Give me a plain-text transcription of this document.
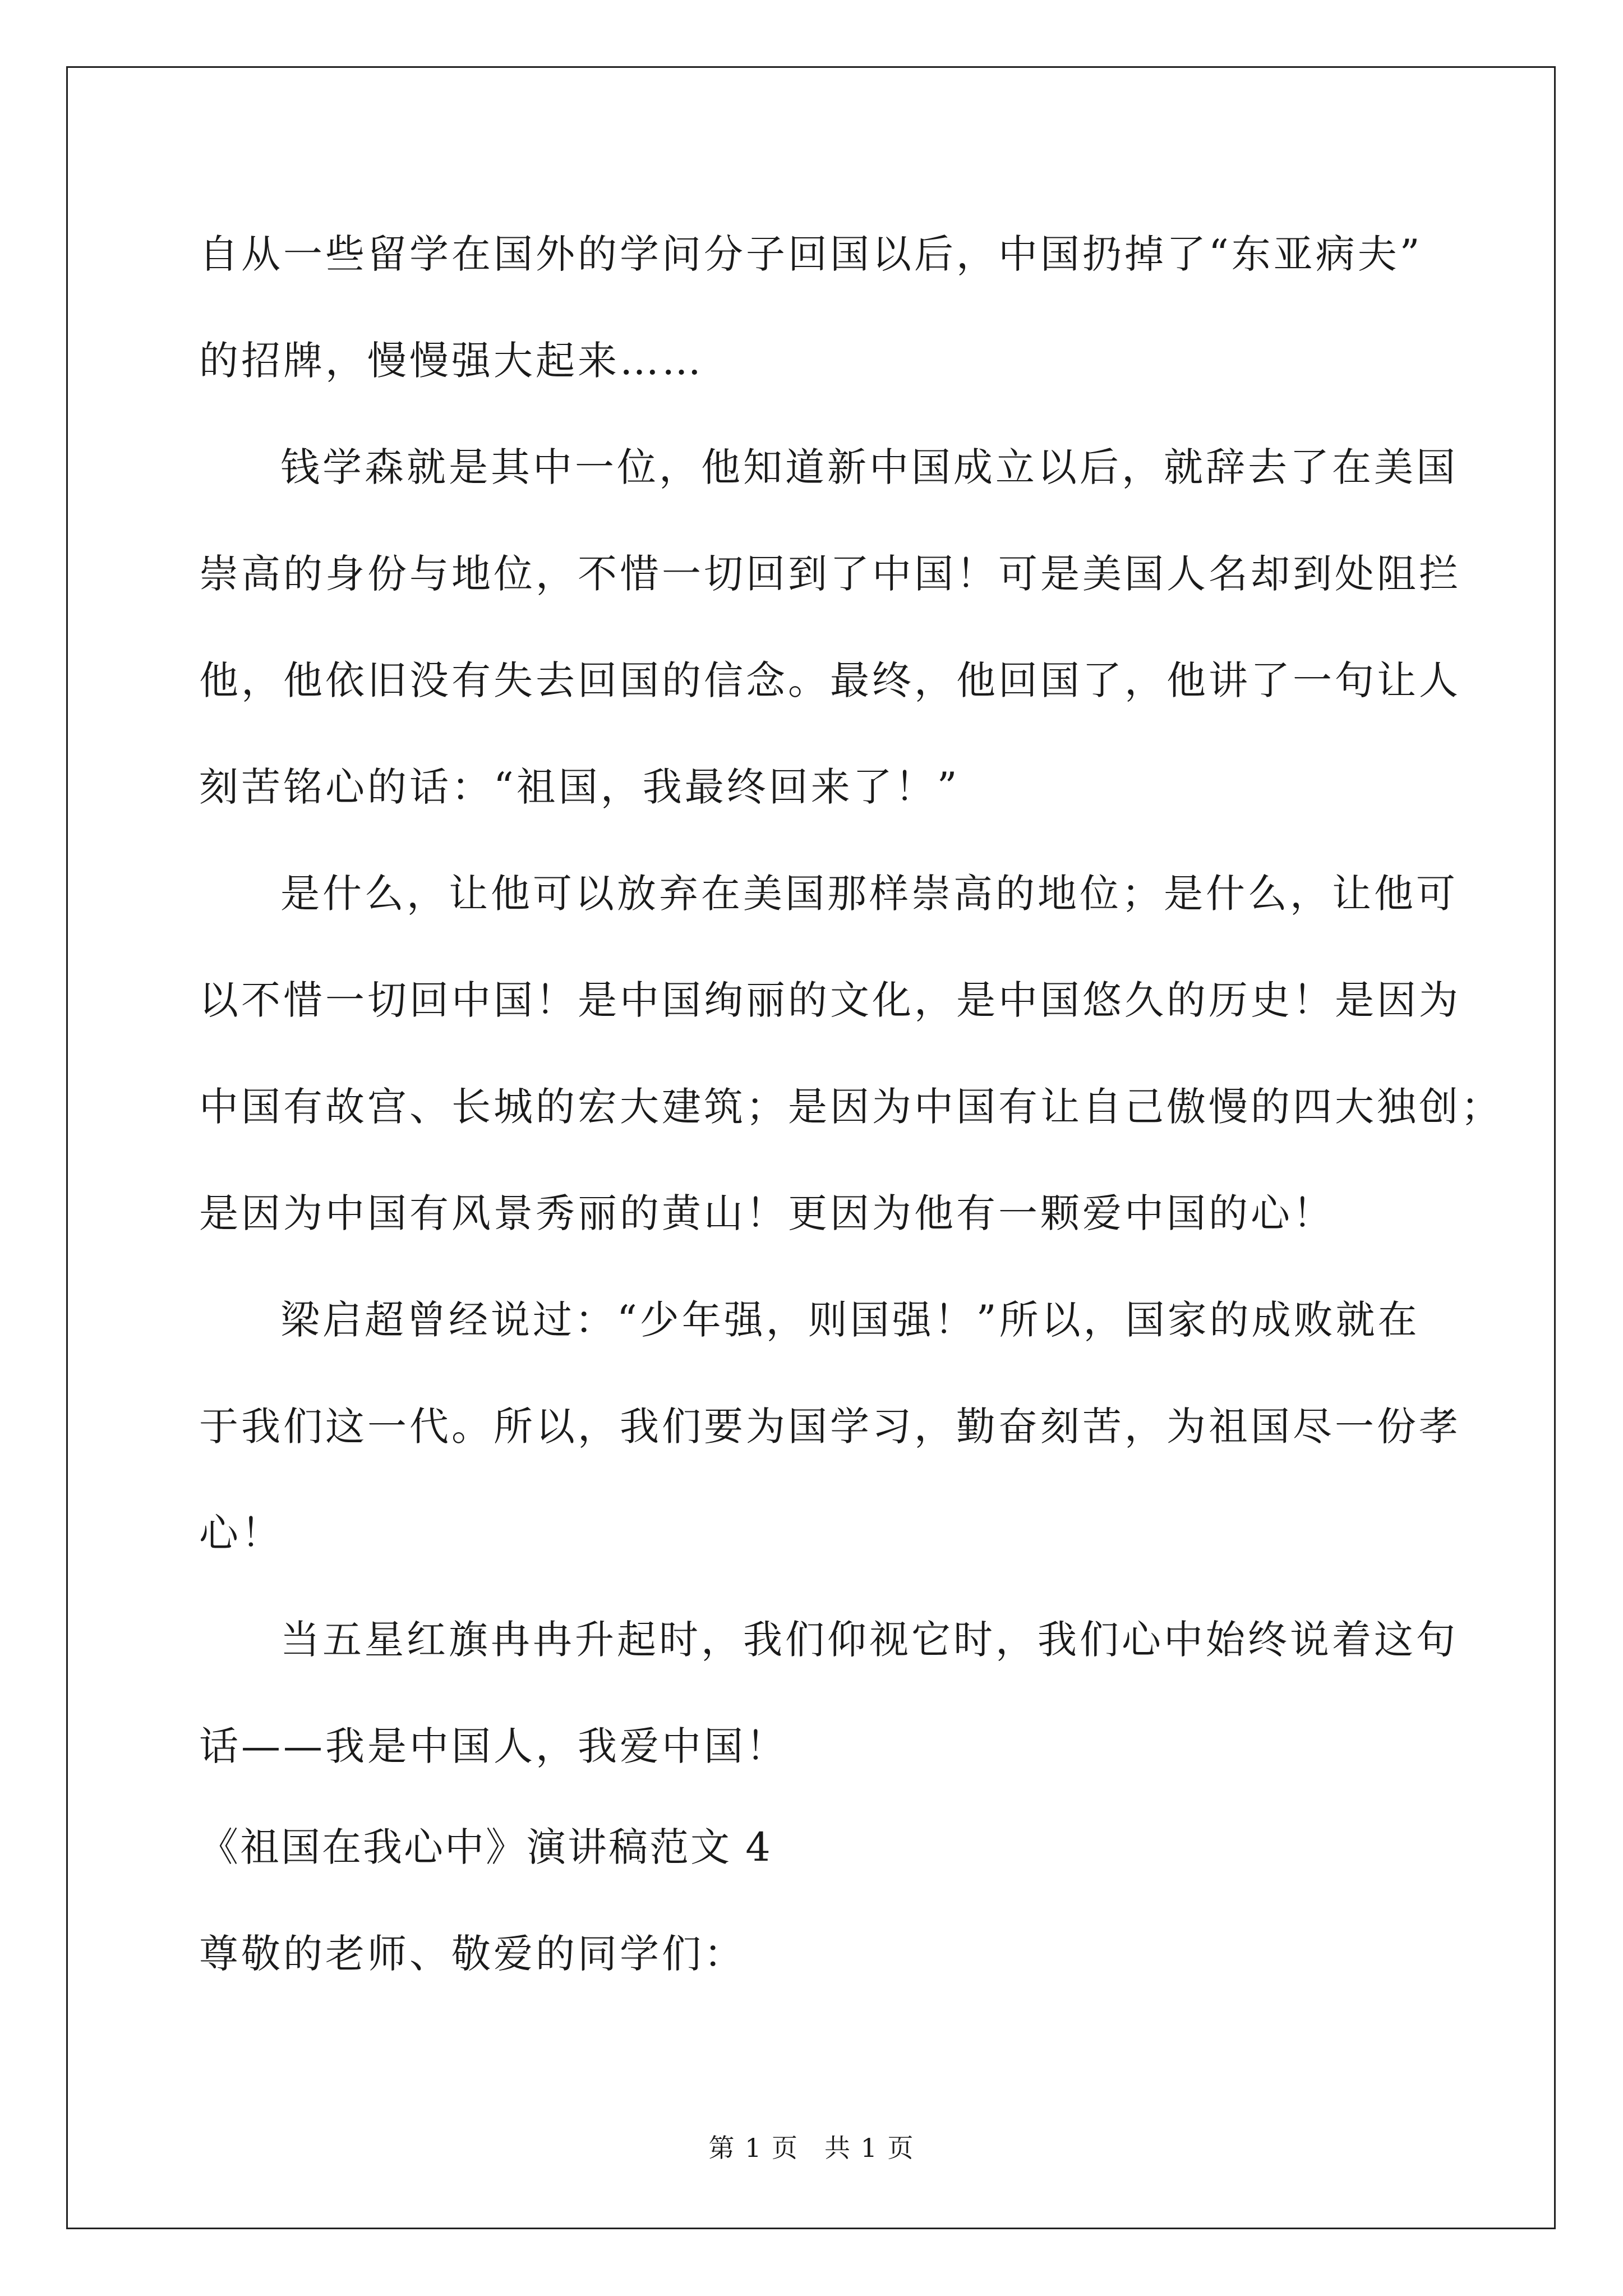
自从一些留学在国外的学问分子回国以后，中国扔掉了“东亚病夫”
的招牌，慢慢强大起来……
钱学森就是其中一位，他知道新中国成立以后，就辞去了在美国
崇高的身份与地位，不惜一切回到了中国！可是美国人名却到处阻拦
他，他依旧没有失去回国的信念。最终，他回国了，他讲了一句让人
刻苦铭心的话：“祖国，我最终回来了！”
是什么，让他可以放弃在美国那样崇高的地位；是什么，让他可
以不惜一切回中国！是中国绚丽的文化，是中国悠久的历史！是因为
中国有故宫、长城的宏大建筑；是因为中国有让自己傲慢的四大独创；
是因为中国有风景秀丽的黄山！更因为他有一颗爱中国的心！
梁启超曾经说过：“少年强，则国强！”所以，国家的成败就在
于我们这一代。所以，我们要为国学习，勤奋刻苦，为祖国尽一份孝
心！
当五星红旗冉冉升起时，我们仰视它时，我们心中始终说着这句
话——我是中国人，我爱中国！
《祖国在我心中》演讲稿范文 4
尊敬的老师、敬爱的同学们：
第 1 页 共 1 页
